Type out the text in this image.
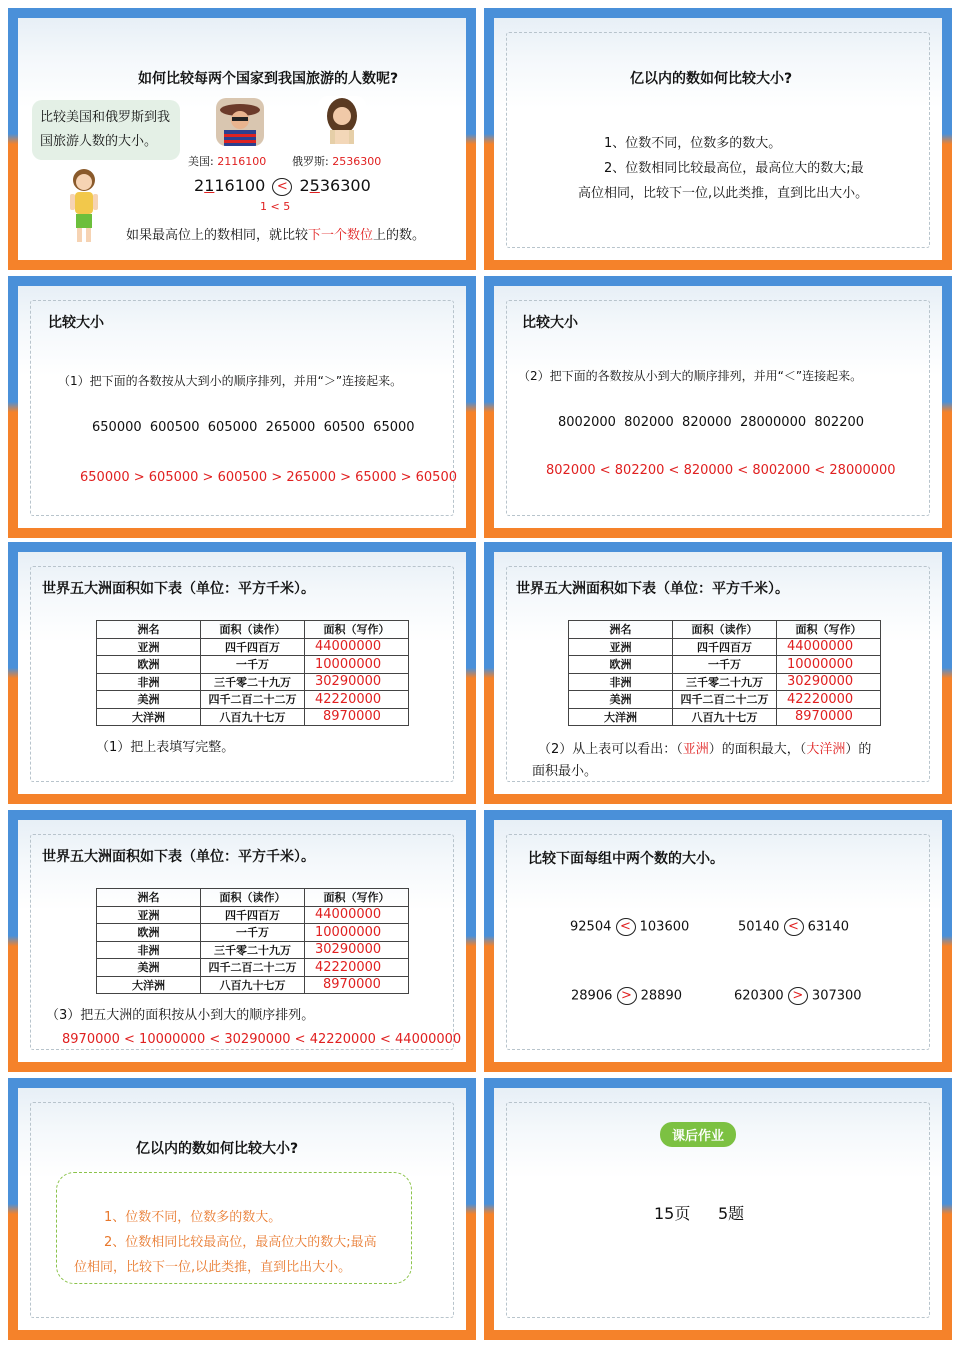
如何比较每两个国家到我国旅游的人数呢?
比较美国和俄罗斯到我国旅游人数的大小。
美国: 2116100 俄罗斯: 2536300
2116100 < 2536300
1 < 5
如果最高位上的数相同，就比较下一个数位上的数。
亿以内的数如何比较大小?
1、位数不同，位数多的数大。
2、位数相同比较最高位，最高位大的数大;最
高位相同，比较下一位,以此类推，直到比出大小。
比较大小
（1）把下面的各数按从大到小的顺序排列，并用“＞”连接起来。
650000  600500  605000  265000  60500  65000
650000 > 605000 > 600500 > 265000 > 65000 > 60500
比较大小
（2）把下面的各数按从小到大的顺序排列，并用“＜”连接起来。
8002000  802000  820000  28000000  802200
802000 < 802200 < 820000 < 8002000 < 28000000
世界五大洲面积如下表（单位：平方千米）。
洲名	面积（读作）	面积（写作）
亚洲	四千四百万	44000000
欧洲	一千万	10000000
非洲	三千零二十九万	30290000
美洲	四千二百二十二万	42220000
大洋洲	八百九十七万	8970000
（1）把上表填写完整。
世界五大洲面积如下表（单位：平方千米）。
洲名	面积（读作）	面积（写作）
亚洲	四千四百万	44000000
欧洲	一千万	10000000
非洲	三千零二十九万	30290000
美洲	四千二百二十二万	42220000
大洋洲	八百九十七万	8970000
（2）从上表可以看出：（亚洲）的面积最大，（大洋洲）的
面积最小。
世界五大洲面积如下表（单位：平方千米）。
洲名	面积（读作）	面积（写作）
亚洲	四千四百万	44000000
欧洲	一千万	10000000
非洲	三千零二十九万	30290000
美洲	四千二百二十二万	42220000
大洋洲	八百九十七万	8970000
（3）把五大洲的面积按从小到大的顺序排列。
8970000 < 10000000 < 30290000 < 42220000 < 44000000
比较下面每组中两个数的大小。
92504 < 103600	50140 < 63140
28906 > 28890	620300 > 307300
亿以内的数如何比较大小?
1、位数不同，位数多的数大。
2、位数相同比较最高位，最高位大的数大;最高
位相同，比较下一位,以此类推，直到比出大小。
课后作业
15页 5题
